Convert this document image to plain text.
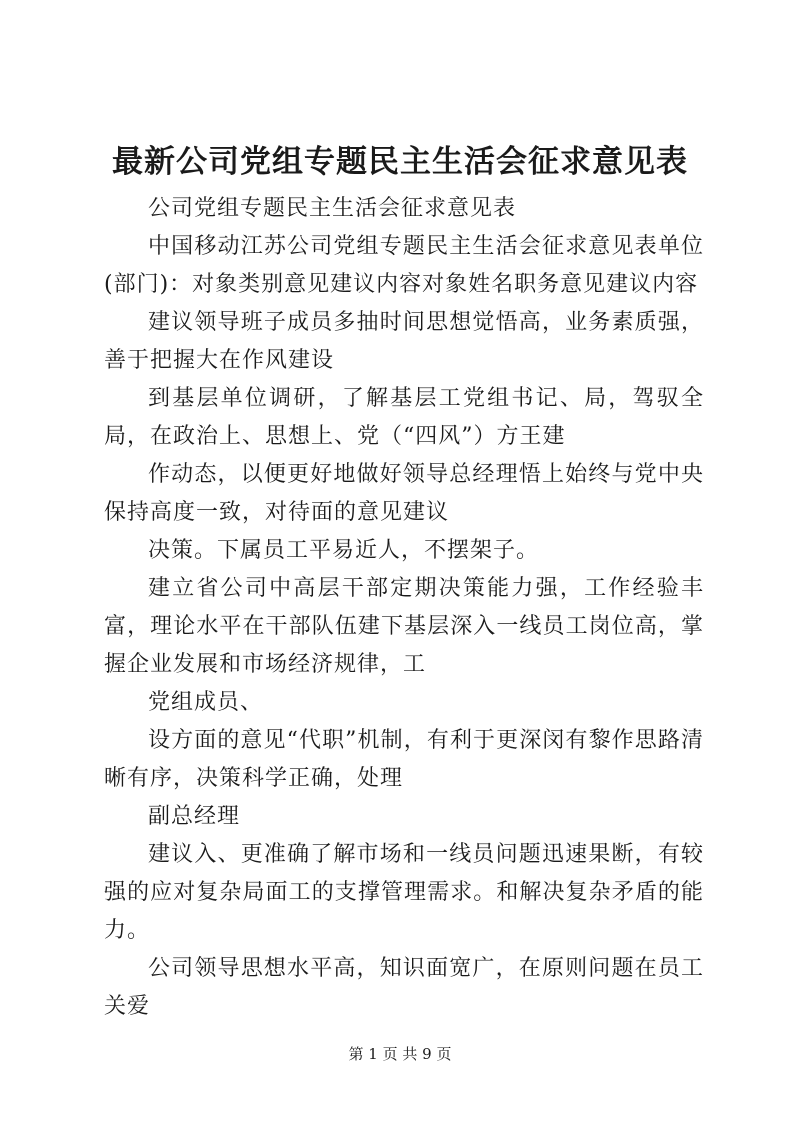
最新公司党组专题民主生活会征求意见表

公司党组专题民主生活会征求意见表

中国移动江苏公司党组专题民主生活会征求意见表单位(部门)：对象类别意见建议内容对象姓名职务意见建议内容

建议领导班子成员多抽时间思想觉悟高，业务素质强，善于把握大在作风建设

到基层单位调研，了解基层工党组书记、局，驾驭全局，在政治上、思想上、党（“四风”）方王建

作动态，以便更好地做好领导总经理悟上始终与党中央保持高度一致，对待面的意见建议

决策。下属员工平易近人，不摆架子。

建立省公司中高层干部定期决策能力强，工作经验丰富，理论水平在干部队伍建下基层深入一线员工岗位高，掌握企业发展和市场经济规律，工

党组成员、

设方面的意见“代职”机制，有利于更深闵有黎作思路清晰有序，决策科学正确，处理

副总经理

建议入、更准确了解市场和一线员问题迅速果断，有较强的应对复杂局面工的支撑管理需求。和解决复杂矛盾的能力。

公司领导思想水平高，知识面宽广，在原则问题在员工关爱

第 1 页 共 9 页
